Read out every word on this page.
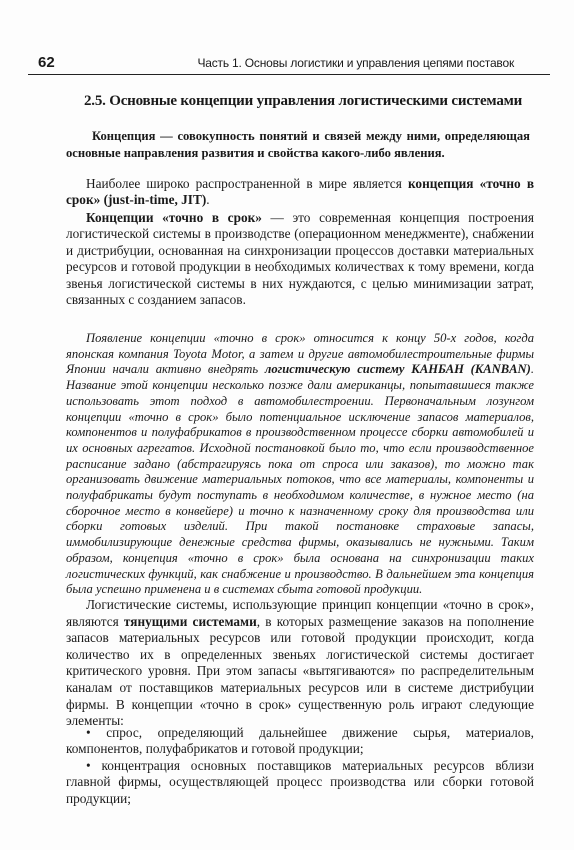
62	Часть 1. Основы логистики и управления цепями поставок
2.5. Основные концепции управления логистическими системами
Концепция — совокупность понятий и связей между ними, определяющая основные направления развития и свойства какого-либо явления.
Наиболее широко распространенной в мире является концепция «точно в срок» (just-in-time, JIT).
Концепции «точно в срок» — это современная концепция построения логистической системы в производстве (операционном менеджменте), снабжении и дистрибуции, основанная на синхронизации процессов доставки материальных ресурсов и готовой продукции в необходимых количествах к тому времени, когда звенья логистической системы в них нуждаются, с целью минимизации затрат, связанных с созданием запасов.
Появление концепции «точно в срок» относится к концу 50-х годов, когда японская компания Toyota Motor, а затем и другие автомобилестроительные фирмы Японии начали активно внедрять логистическую систему КАНБАН (KANBAN). Название этой концепции несколько позже дали американцы, попытавшиеся также использовать этот подход в автомобилестроении. Первоначальным лозунгом концепции «точно в срок» было потенциальное исключение запасов материалов, компонентов и полуфабрикатов в производственном процессе сборки автомобилей и их основных агрегатов. Исходной постановкой было то, что если производственное расписание задано (абстрагируясь пока от спроса или заказов), то можно так организовать движение материальных потоков, что все материалы, компоненты и полуфабрикаты будут поступать в необходимом количестве, в нужное место (на сборочное место в конвейере) и точно к назначенному сроку для производства или сборки готовых изделий. При такой постановке страховые запасы, иммобилизирующие денежные средства фирмы, оказывались не нужными. Таким образом, концепция «точно в срок» была основана на синхронизации таких логистических функций, как снабжение и производство. В дальнейшем эта концепция была успешно применена и в системах сбыта готовой продукции.
Логистические системы, использующие принцип концепции «точно в срок», являются тянущими системами, в которых размещение заказов на пополнение запасов материальных ресурсов или готовой продукции происходит, когда количество их в определенных звеньях логистической системы достигает критического уровня. При этом запасы «вытягиваются» по распределительным каналам от поставщиков материальных ресурсов или в системе дистрибуции фирмы. В концепции «точно в срок» существенную роль играют следующие элементы:
• спрос, определяющий дальнейшее движение сырья, материалов, компонентов, полуфабрикатов и готовой продукции;
• концентрация основных поставщиков материальных ресурсов вблизи главной фирмы, осуществляющей процесс производства или сборки готовой продукции;
